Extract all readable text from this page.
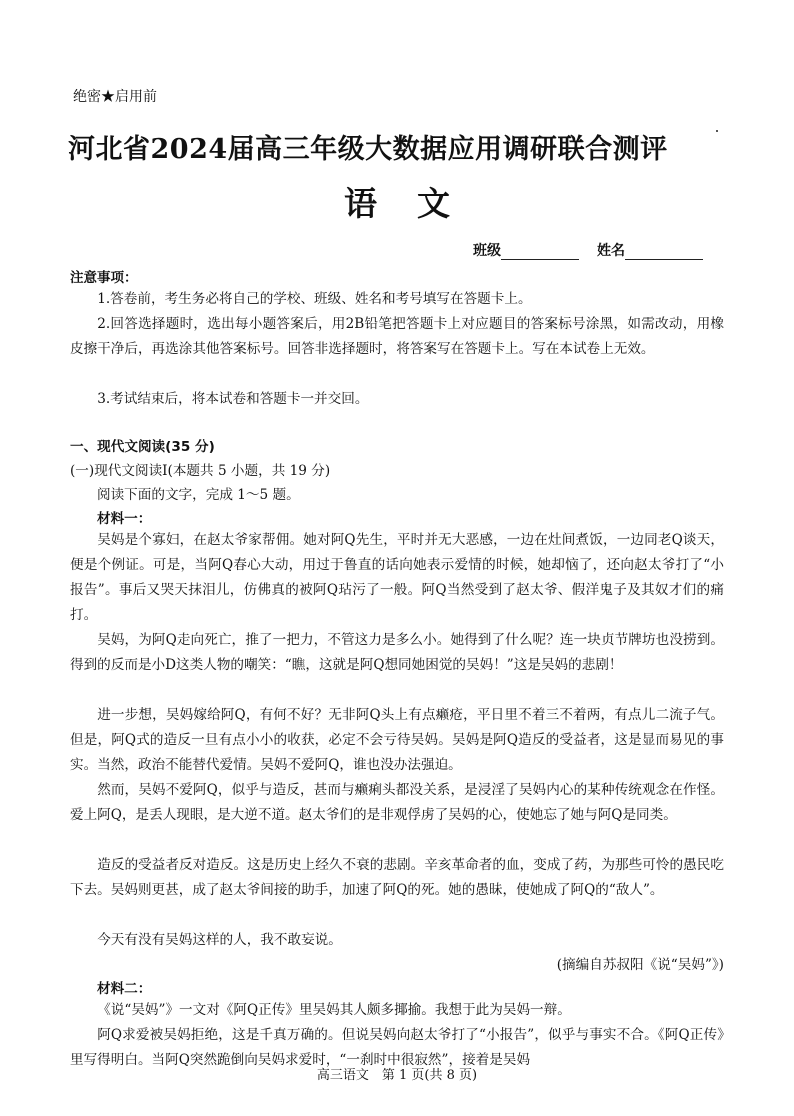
绝密★启用前
河北省2024届高三年级大数据应用调研联合测评
语文
班级	姓名
注意事项：
1.答卷前，考生务必将自己的学校、班级、姓名和考号填写在答题卡上。
2.回答选择题时，选出每小题答案后，用2B铅笔把答题卡上对应题目的答案标号涂黑，如需改动，用橡皮擦干净后，再选涂其他答案标号。回答非选择题时，将答案写在答题卡上。写在本试卷上无效。
3.考试结束后，将本试卷和答题卡一并交回。
一、现代文阅读(35 分)
(一)现代文阅读Ⅰ(本题共 5 小题，共 19 分)
阅读下面的文字，完成 1～5 题。
材料一：
吴妈是个寡妇，在赵太爷家帮佣。她对阿Q先生，平时并无大恶感，一边在灶间煮饭，一边同老Q谈天，便是个例证。可是，当阿Q春心大动，用过于鲁直的话向她表示爱情的时候，她却恼了，还向赵太爷打了“小报告”。事后又哭天抹泪儿，仿佛真的被阿Q玷污了一般。阿Q当然受到了赵太爷、假洋鬼子及其奴才们的痛打。
吴妈，为阿Q走向死亡，推了一把力，不管这力是多么小。她得到了什么呢？连一块贞节牌坊也没捞到。得到的反而是小D这类人物的嘲笑：“瞧，这就是阿Q想同她困觉的吴妈！”这是吴妈的悲剧！
进一步想，吴妈嫁给阿Q，有何不好？无非阿Q头上有点癞疮，平日里不着三不着两，有点儿二流子气。但是，阿Q式的造反一旦有点小小的收获，必定不会亏待吴妈。吴妈是阿Q造反的受益者，这是显而易见的事实。当然，政治不能替代爱情。吴妈不爱阿Q，谁也没办法强迫。
然而，吴妈不爱阿Q，似乎与造反，甚而与癞痢头都没关系，是浸淫了吴妈内心的某种传统观念在作怪。爱上阿Q，是丢人现眼，是大逆不道。赵太爷们的是非观俘虏了吴妈的心，使她忘了她与阿Q是同类。
造反的受益者反对造反。这是历史上经久不衰的悲剧。辛亥革命者的血，变成了药，为那些可怜的愚民吃下去。吴妈则更甚，成了赵太爷间接的助手，加速了阿Q的死。她的愚昧，使她成了阿Q的“敌人”。
今天有没有吴妈这样的人，我不敢妄说。
(摘编自苏叔阳《说“吴妈”》)
材料二：
《说“吴妈”》一文对《阿Q正传》里吴妈其人颇多揶揄。我想于此为吴妈一辩。
阿Q求爱被吴妈拒绝，这是千真万确的。但说吴妈向赵太爷打了“小报告”，似乎与事实不合。《阿Q正传》里写得明白。当阿Q突然跪倒向吴妈求爱时，“一刹时中很寂然”，接着是吴妈
高三语文　第 1 页(共 8 页)
